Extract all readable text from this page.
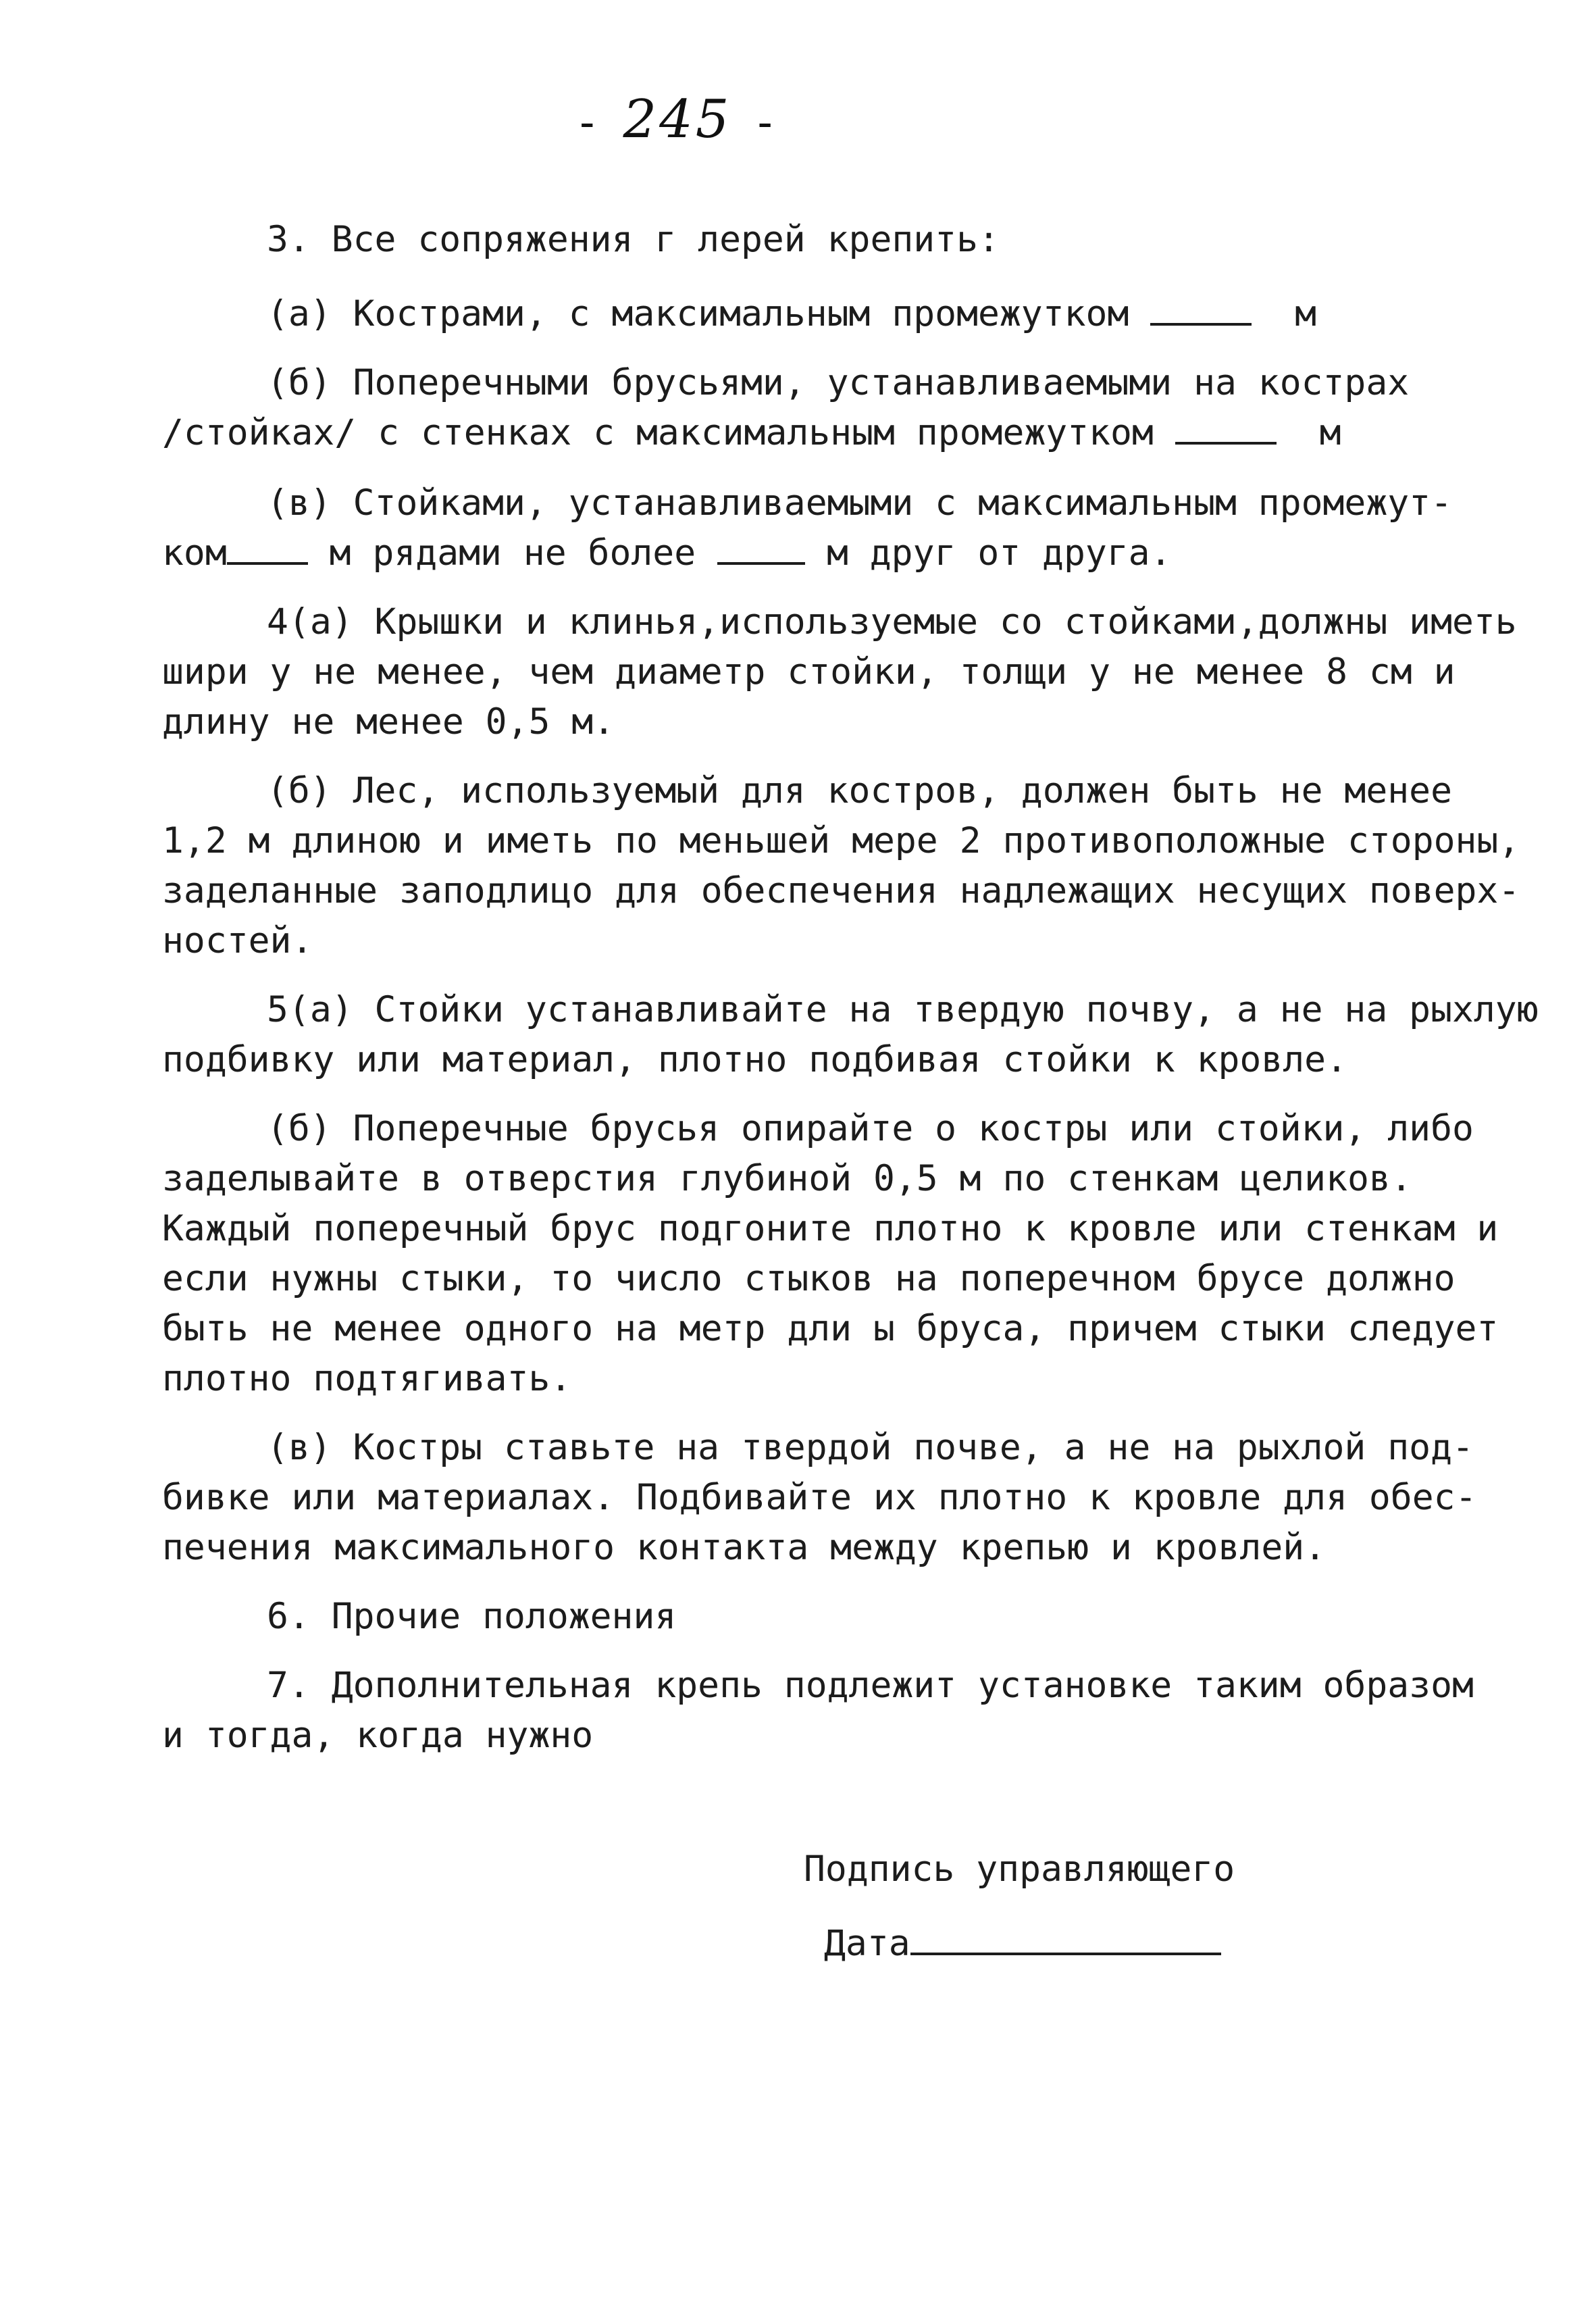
- 245 -
3. Все сопряжения г лерей крепить:
(а) Кострами, с максимальным промежутком	м
(б) Поперечными брусьями, устанавливаемыми на кострах
/стойках/ с стенках с максимальным промежутком	м
(в) Стойками, устанавливаемыми с максимальным промежут-
ком	м рядами не более	м друг от друга.
4(а) Крышки и клинья,используемые со стойками,должны иметь
шири у не менее, чем диаметр стойки, толщи у не менее 8 см и
длину не менее 0,5 м.
(б) Лес, используемый для костров, должен быть не менее
1,2 м длиною и иметь по меньшей мере 2 противоположные стороны,
заделанные заподлицо для обеспечения надлежащих несущих поверх-
ностей.
5(а) Стойки устанавливайте на твердую почву, а не на рыхлую
подбивку или материал, плотно подбивая стойки к кровле.
(б) Поперечные брусья опирайте о костры или стойки, либо
заделывайте в отверстия глубиной 0,5 м по стенкам целиков.
Каждый поперечный брус подгоните плотно к кровле или стенкам и
если нужны стыки, то число стыков на поперечном брусе должно
быть не менее одного на метр дли ы бруса, причем стыки следует
плотно подтягивать.
(в) Костры ставьте на твердой почве, а не на рыхлой под-
бивке или материалах. Подбивайте их плотно к кровле для обес-
печения максимального контакта между крепью и кровлей.
6. Прочие положения
7. Дополнительная крепь подлежит установке таким образом
и тогда, когда нужно
Подпись управляющего
Дата
